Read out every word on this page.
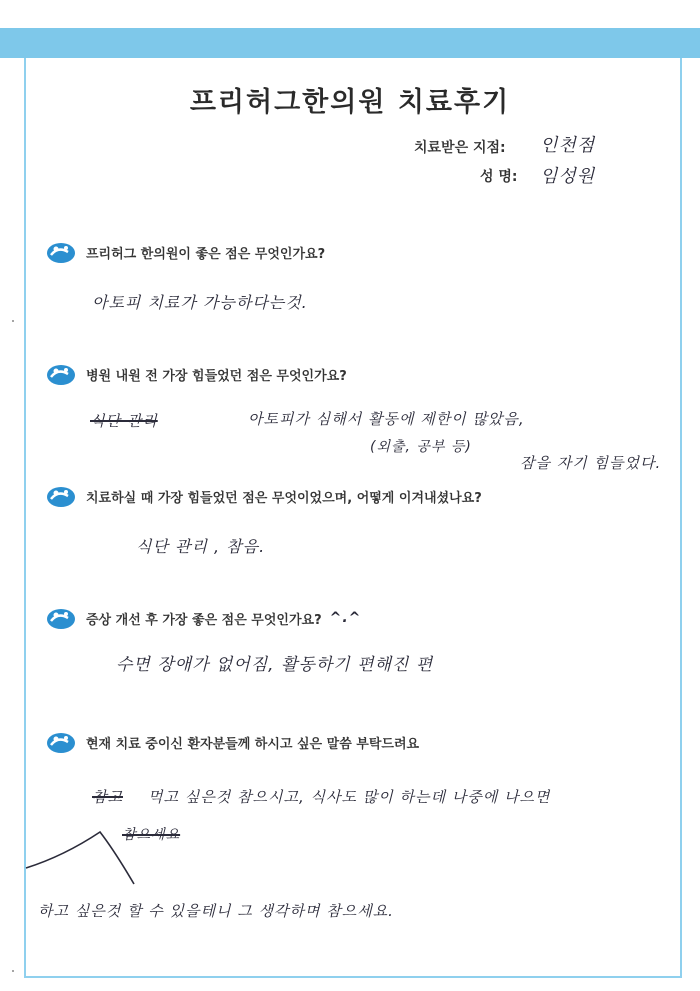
프리허그한의원 치료후기
치료받은 지점: 인천점
성 명: 임성원
프리허그 한의원이 좋은 점은 무엇인가요?
아토피 치료가 가능하다는것.
병원 내원 전 가장 힘들었던 점은 무엇인가요?
식단 관리	아토피가 심해서 활동에 제한이 많았음,
(외출, 공부 등)
잠을 자기 힘들었다.
치료하실 때 가장 힘들었던 점은 무엇이었으며, 어떻게 이겨내셨나요?
식단 관리 , 참음.
증상 개선 후 가장 좋은 점은 무엇인가요? ^.^
수면 장애가 없어짐, 활동하기 편해진 편
현재 치료 중이신 환자분들께 하시고 싶은 말씀 부탁드려요
참고 먹고 싶은것 참으시고, 식사도 많이 하는데 나중에 나으면
참으세요
하고 싶은것 할 수 있을테니 그 생각하며 참으세요.
